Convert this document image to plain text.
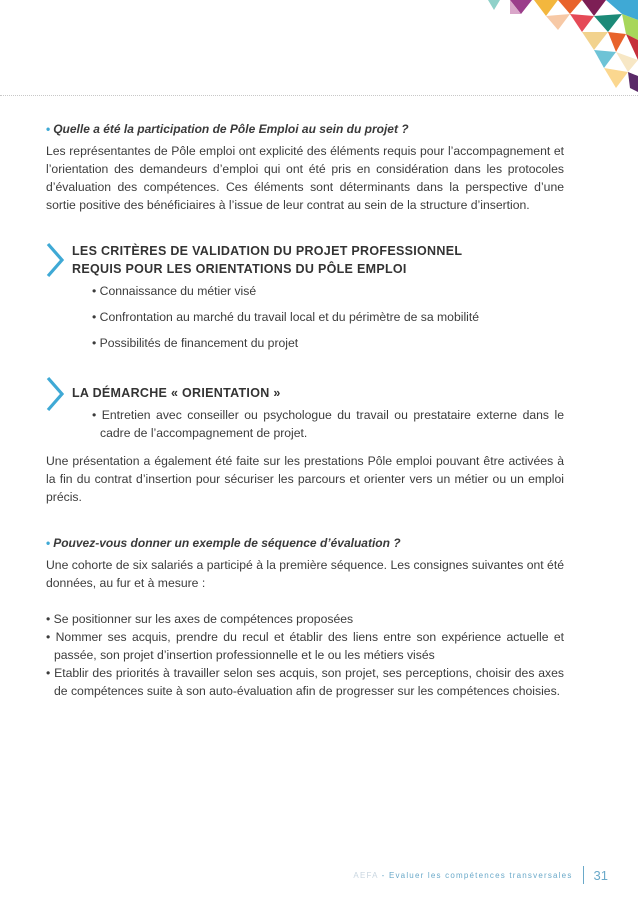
• Quelle a été la participation de Pôle Emploi au sein du projet ?

Les représentantes de Pôle emploi ont explicité des éléments requis pour l’accompagnement et l’orientation des demandeurs d’emploi qui ont été pris en considération dans les protocoles d’évaluation des compétences. Ces éléments sont déterminants dans la perspective d’une sortie positive des bénéficiaires à l’issue de leur contrat au sein de la structure d’insertion.

LES CRITÈRES DE VALIDATION DU PROJET PROFESSIONNEL
REQUIS POUR LES ORIENTATIONS DU PÔLE EMPLOI
• Connaissance du métier visé
• Confrontation au marché du travail local et du périmètre de sa mobilité
• Possibilités de financement du projet
LA DÉMARCHE « ORIENTATION »
• Entretien avec conseiller ou psychologue du travail ou prestataire externe dans le cadre de l’accompagnement de projet.

Une présentation a également été faite sur les prestations Pôle emploi pouvant être activées à la fin du contrat d’insertion pour sécuriser les parcours et orienter vers un métier ou un emploi précis.

• Pouvez-vous donner un exemple de séquence d’évaluation ?

Une cohorte de six salariés a participé à la première séquence. Les consignes suivantes ont été données, au fur et à mesure :

• Se positionner sur les axes de compétences proposées
• Nommer ses acquis, prendre du recul et établir des liens entre son expérience actuelle et passée, son projet d’insertion professionnelle et le ou les métiers visés
• Etablir des priorités à travailler selon ses acquis, son projet, ses perceptions, choisir des axes de compétences suite à son auto-évaluation afin de progresser sur les compétences choisies.
AEFA - Evaluer les compétences transversales 31
